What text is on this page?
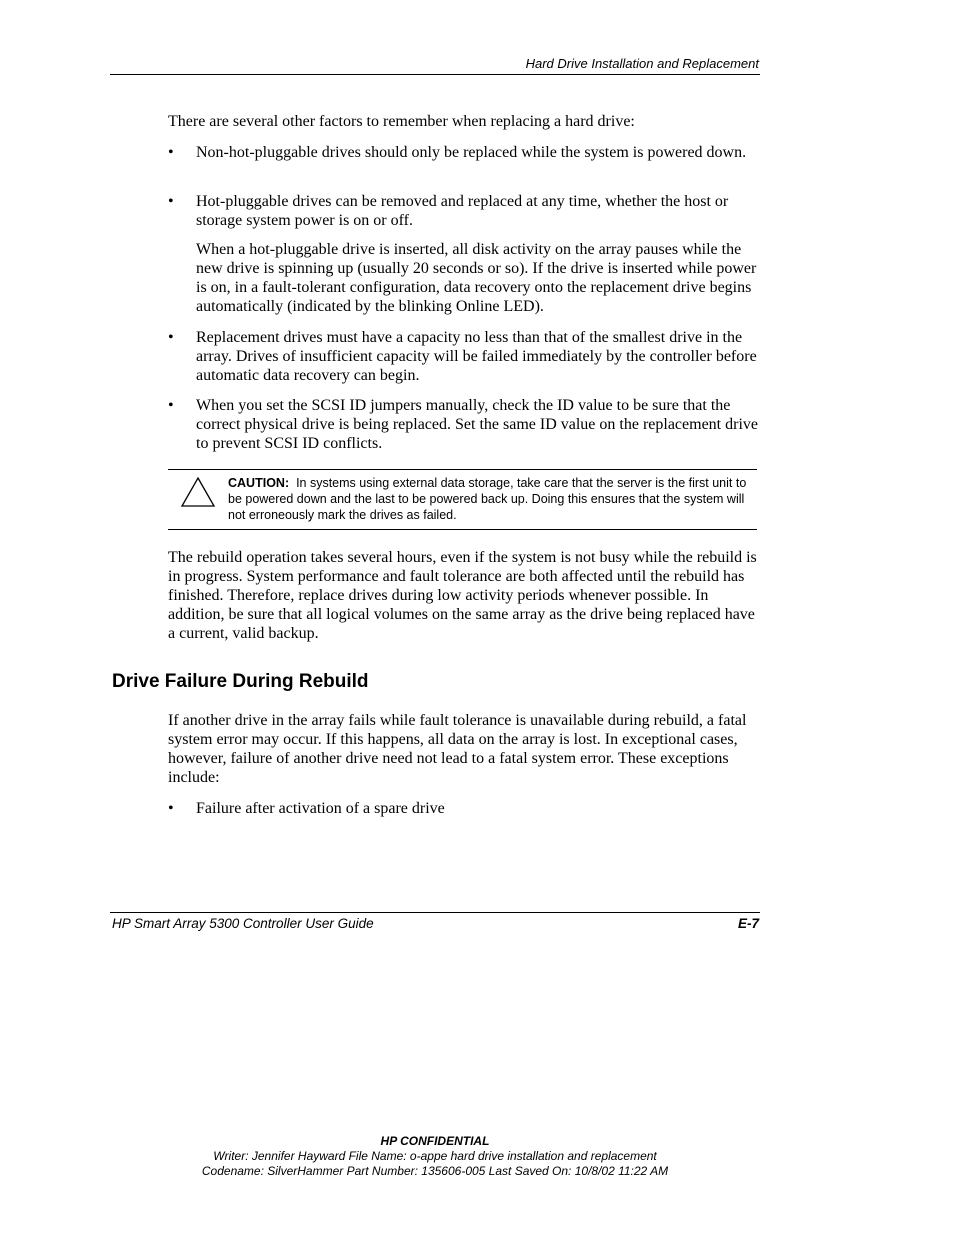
Hard Drive Installation and Replacement

There are several other factors to remember when replacing a hard drive:

•	Non-hot-pluggable drives should only be replaced while the system is powered down.

•	Hot-pluggable drives can be removed and replaced at any time, whether the host or storage system power is on or off.

When a hot-pluggable drive is inserted, all disk activity on the array pauses while the new drive is spinning up (usually 20 seconds or so). If the drive is inserted while power is on, in a fault-tolerant configuration, data recovery onto the replacement drive begins automatically (indicated by the blinking Online LED).

•	Replacement drives must have a capacity no less than that of the smallest drive in the array. Drives of insufficient capacity will be failed immediately by the controller before automatic data recovery can begin.

•	When you set the SCSI ID jumpers manually, check the ID value to be sure that the correct physical drive is being replaced. Set the same ID value on the replacement drive to prevent SCSI ID conflicts.

CAUTION: In systems using external data storage, take care that the server is the first unit to be powered down and the last to be powered back up. Doing this ensures that the system will not erroneously mark the drives as failed.

The rebuild operation takes several hours, even if the system is not busy while the rebuild is in progress. System performance and fault tolerance are both affected until the rebuild has finished. Therefore, replace drives during low activity periods whenever possible. In addition, be sure that all logical volumes on the same array as the drive being replaced have a current, valid backup.

Drive Failure During Rebuild

If another drive in the array fails while fault tolerance is unavailable during rebuild, a fatal system error may occur. If this happens, all data on the array is lost. In exceptional cases, however, failure of another drive need not lead to a fatal system error. These exceptions include:

•	Failure after activation of a spare drive

HP Smart Array 5300 Controller User Guide	E-7
HP CONFIDENTIAL
Writer: Jennifer Hayward File Name: o-appe hard drive installation and replacement
Codename: SilverHammer Part Number: 135606-005 Last Saved On: 10/8/02 11:22 AM
